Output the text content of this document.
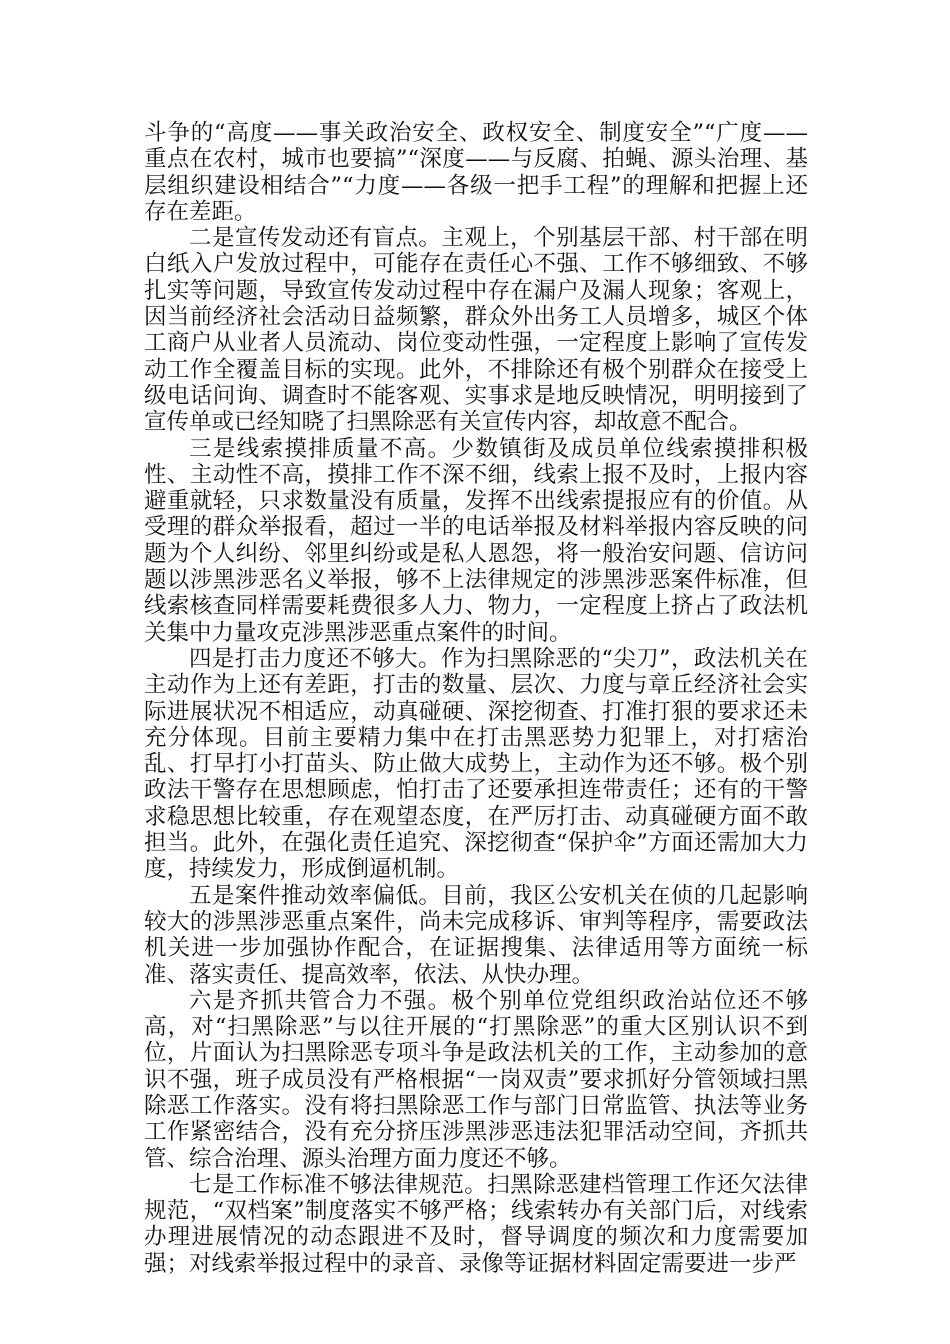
斗争的“高度——事关政治安全、政权安全、制度安全”“广度——重点在农村，城市也要搞”“深度——与反腐、拍蝇、源头治理、基层组织建设相结合”“力度——各级一把手工程”的理解和把握上还存在差距。

二是宣传发动还有盲点。主观上，个别基层干部、村干部在明白纸入户发放过程中，可能存在责任心不强、工作不够细致、不够扎实等问题，导致宣传发动过程中存在漏户及漏人现象；客观上，因当前经济社会活动日益频繁，群众外出务工人员增多，城区个体工商户从业者人员流动、岗位变动性强，一定程度上影响了宣传发动工作全覆盖目标的实现。此外，不排除还有极个别群众在接受上级电话问询、调查时不能客观、实事求是地反映情况，明明接到了宣传单或已经知晓了扫黑除恶有关宣传内容，却故意不配合。

三是线索摸排质量不高。少数镇街及成员单位线索摸排积极性、主动性不高，摸排工作不深不细，线索上报不及时，上报内容避重就轻，只求数量没有质量，发挥不出线索提报应有的价值。从受理的群众举报看，超过一半的电话举报及材料举报内容反映的问题为个人纠纷、邻里纠纷或是私人恩怨，将一般治安问题、信访问题以涉黑涉恶名义举报，够不上法律规定的涉黑涉恶案件标准，但线索核查同样需要耗费很多人力、物力，一定程度上挤占了政法机关集中力量攻克涉黑涉恶重点案件的时间。

四是打击力度还不够大。作为扫黑除恶的“尖刀”，政法机关在主动作为上还有差距，打击的数量、层次、力度与章丘经济社会实际进展状况不相适应，动真碰硬、深挖彻查、打准打狠的要求还未充分体现。目前主要精力集中在打击黑恶势力犯罪上，对打痞治乱、打早打小打苗头、防止做大成势上，主动作为还不够。极个别政法干警存在思想顾虑，怕打击了还要承担连带责任；还有的干警求稳思想比较重，存在观望态度，在严厉打击、动真碰硬方面不敢担当。此外，在强化责任追究、深挖彻查“保护伞”方面还需加大力度，持续发力，形成倒逼机制。

五是案件推动效率偏低。目前，我区公安机关在侦的几起影响较大的涉黑涉恶重点案件，尚未完成移诉、审判等程序，需要政法机关进一步加强协作配合，在证据搜集、法律适用等方面统一标准、落实责任、提高效率，依法、从快办理。

六是齐抓共管合力不强。极个别单位党组织政治站位还不够高，对“扫黑除恶”与以往开展的“打黑除恶”的重大区别认识不到位，片面认为扫黑除恶专项斗争是政法机关的工作，主动参加的意识不强，班子成员没有严格根据“一岗双责”要求抓好分管领域扫黑除恶工作落实。没有将扫黑除恶工作与部门日常监管、执法等业务工作紧密结合，没有充分挤压涉黑涉恶违法犯罪活动空间，齐抓共管、综合治理、源头治理方面力度还不够。

七是工作标准不够法律规范。扫黑除恶建档管理工作还欠法律规范，“双档案”制度落实不够严格；线索转办有关部门后，对线索办理进展情况的动态跟进不及时，督导调度的频次和力度需要加强；对线索举报过程中的录音、录像等证据材料固定需要进一步严
